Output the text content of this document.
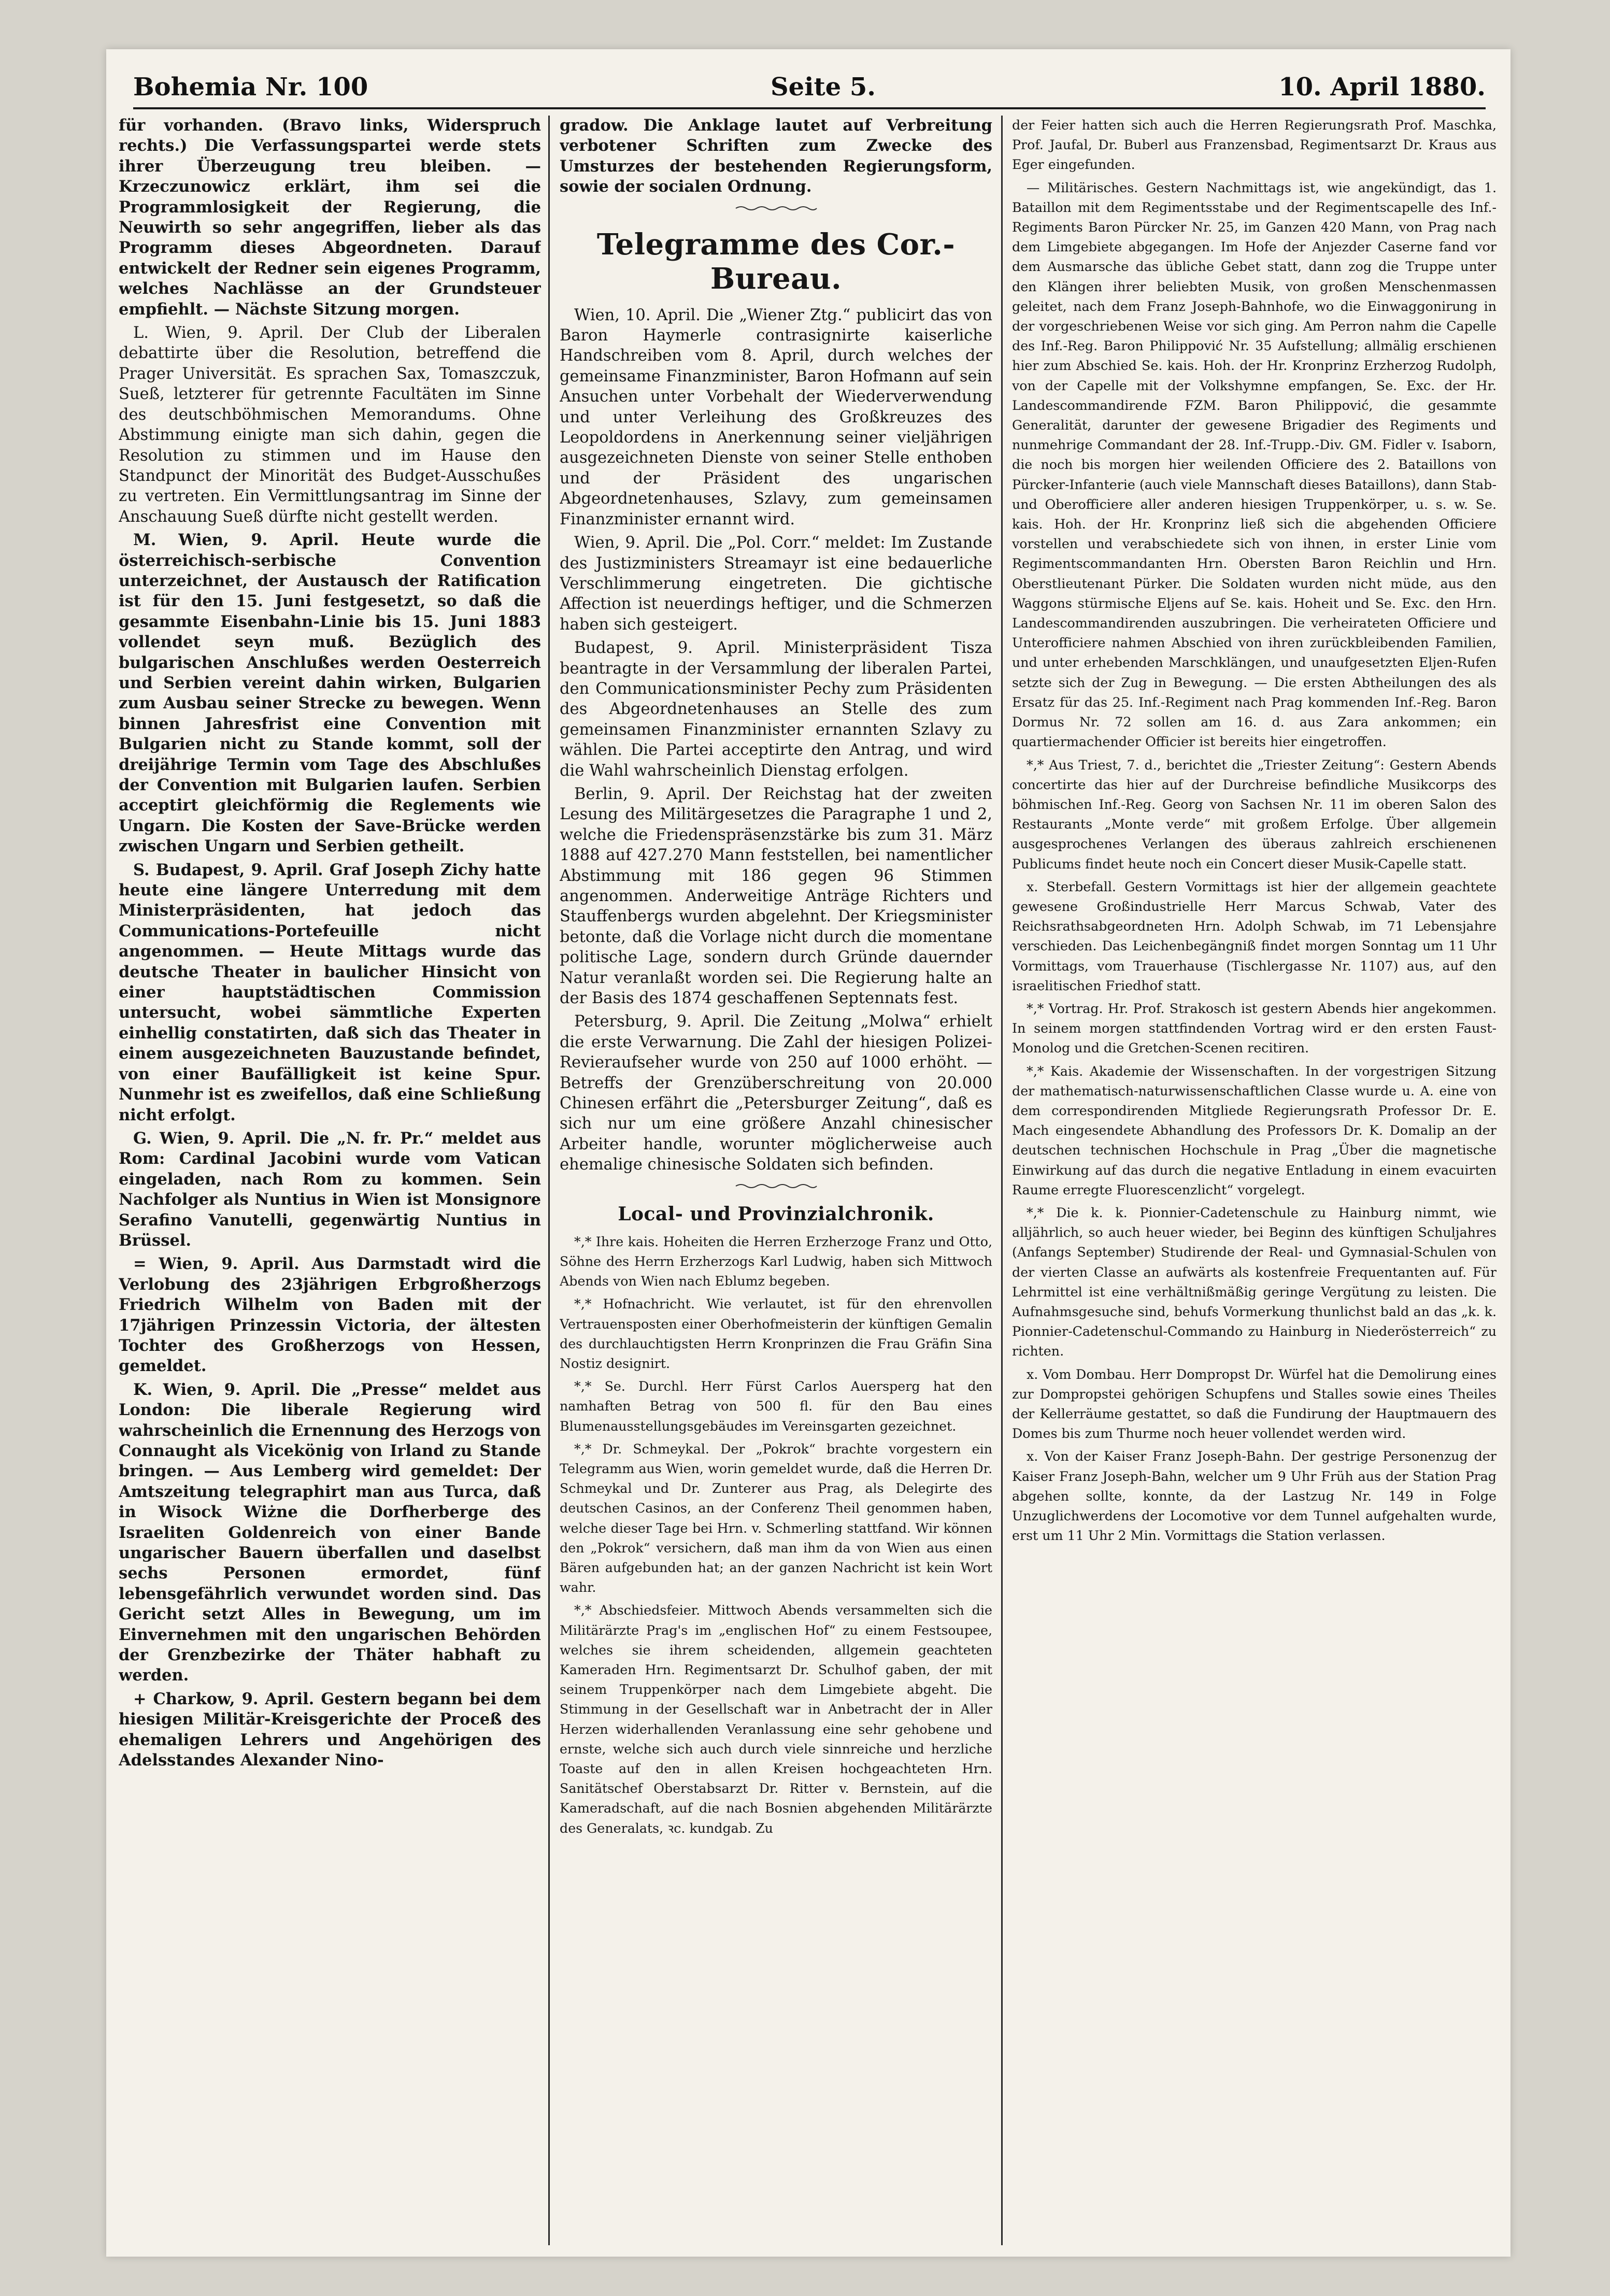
Bohemia Nr. 100	Seite 5.	10. April 1880.

für vorhanden. (Bravo links, Widerspruch rechts.) Die Verfassungspartei werde stets ihrer Überzeugung treu bleiben. — Krzeczunowicz erklärt, ihm sei die Programmlosigkeit der Regierung, die Neuwirth so sehr angegriffen, lieber als das Programm dieses Abgeordneten. Darauf entwickelt der Redner sein eigenes Programm, welches Nachlässe an der Grundsteuer empfiehlt. — Nächste Sitzung morgen.

L. Wien, 9. April. Der Club der Liberalen debattirte über die Resolution, betreffend die Prager Universität. Es sprachen Sax, Tomaszczuk, Sueß, letzterer für getrennte Facultäten im Sinne des deutschböhmischen Memorandums. Ohne Abstimmung einigte man sich dahin, gegen die Resolution zu stimmen und im Hause den Standpunct der Minorität des Budget-Ausschußes zu vertreten. Ein Vermittlungsantrag im Sinne der Anschauung Sueß dürfte nicht gestellt werden.

M. Wien, 9. April. Heute wurde die österreichisch-serbische Convention unterzeichnet, der Austausch der Ratification ist für den 15. Juni festgesetzt, so daß die gesammte Eisenbahn-Linie bis 15. Juni 1883 vollendet seyn muß. Bezüglich des bulgarischen Anschlußes werden Oesterreich und Serbien vereint dahin wirken, Bulgarien zum Ausbau seiner Strecke zu bewegen. Wenn binnen Jahresfrist eine Convention mit Bulgarien nicht zu Stande kommt, soll der dreijährige Termin vom Tage des Abschlußes der Convention mit Bulgarien laufen. Serbien acceptirt gleichförmig die Reglements wie Ungarn. Die Kosten der Save-Brücke werden zwischen Ungarn und Serbien getheilt.

S. Budapest, 9. April. Graf Joseph Zichy hatte heute eine längere Unterredung mit dem Ministerpräsidenten, hat jedoch das Communications-Portefeuille nicht angenommen. — Heute Mittags wurde das deutsche Theater in baulicher Hinsicht von einer hauptstädtischen Commission untersucht, wobei sämmtliche Experten einhellig constatirten, daß sich das Theater in einem ausgezeichneten Bauzustande befindet, von einer Baufälligkeit ist keine Spur. Nunmehr ist es zweifellos, daß eine Schließung nicht erfolgt.

G. Wien, 9. April. Die „N. fr. Pr.“ meldet aus Rom: Cardinal Jacobini wurde vom Vatican eingeladen, nach Rom zu kommen. Sein Nachfolger als Nuntius in Wien ist Monsignore Serafino Vanutelli, gegenwärtig Nuntius in Brüssel.

= Wien, 9. April. Aus Darmstadt wird die Verlobung des 23jährigen Erbgroßherzogs Friedrich Wilhelm von Baden mit der 17jährigen Prinzessin Victoria, der ältesten Tochter des Großherzogs von Hessen, gemeldet.

K. Wien, 9. April. Die „Presse“ meldet aus London: Die liberale Regierung wird wahrscheinlich die Ernennung des Herzogs von Connaught als Vicekönig von Irland zu Stande bringen. — Aus Lemberg wird gemeldet: Der Amtszeitung telegraphirt man aus Turca, daß in Wisock Wiżne die Dorfherberge des Israeliten Goldenreich von einer Bande ungarischer Bauern überfallen und daselbst sechs Personen ermordet, fünf lebensgefährlich verwundet worden sind. Das Gericht setzt Alles in Bewegung, um im Einvernehmen mit den ungarischen Behörden der Grenzbezirke der Thäter habhaft zu werden.

+ Charkow, 9. April. Gestern begann bei dem hiesigen Militär-Kreisgerichte der Proceß des ehemaligen Lehrers und Angehörigen des Adelsstandes Alexander Nino-

gradow. Die Anklage lautet auf Verbreitung verbotener Schriften zum Zwecke des Umsturzes der bestehenden Regierungsform, sowie der socialen Ordnung.

Telegramme des Cor.-Bureau.

Wien, 10. April. Die „Wiener Ztg.“ publicirt das von Baron Haymerle contrasignirte kaiserliche Handschreiben vom 8. April, durch welches der gemeinsame Finanzminister, Baron Hofmann auf sein Ansuchen unter Vorbehalt der Wiederverwendung und unter Verleihung des Großkreuzes des Leopoldordens in Anerkennung seiner vieljährigen ausgezeichneten Dienste von seiner Stelle enthoben und der Präsident des ungarischen Abgeordnetenhauses, Szlavy, zum gemeinsamen Finanzminister ernannt wird.

Wien, 9. April. Die „Pol. Corr.“ meldet: Im Zustande des Justizministers Streamayr ist eine bedauerliche Verschlimmerung eingetreten. Die gichtische Affection ist neuerdings heftiger, und die Schmerzen haben sich gesteigert.

Budapest, 9. April. Ministerpräsident Tisza beantragte in der Versammlung der liberalen Partei, den Communicationsminister Pechy zum Präsidenten des Abgeordnetenhauses an Stelle des zum gemeinsamen Finanzminister ernannten Szlavy zu wählen. Die Partei acceptirte den Antrag, und wird die Wahl wahrscheinlich Dienstag erfolgen.

Berlin, 9. April. Der Reichstag hat der zweiten Lesung des Militärgesetzes die Paragraphe 1 und 2, welche die Friedenspräsenzstärke bis zum 31. März 1888 auf 427.270 Mann feststellen, bei namentlicher Abstimmung mit 186 gegen 96 Stimmen angenommen. Anderweitige Anträge Richters und Stauffenbergs wurden abgelehnt. Der Kriegsminister betonte, daß die Vorlage nicht durch die momentane politische Lage, sondern durch Gründe dauernder Natur veranlaßt worden sei. Die Regierung halte an der Basis des 1874 geschaffenen Septennats fest.

Petersburg, 9. April. Die Zeitung „Molwa“ erhielt die erste Verwarnung. Die Zahl der hiesigen Polizei-Revieraufseher wurde von 250 auf 1000 erhöht. — Betreffs der Grenzüberschreitung von 20.000 Chinesen erfährt die „Petersburger Zeitung“, daß es sich nur um eine größere Anzahl chinesischer Arbeiter handle, worunter möglicherweise auch ehemalige chinesische Soldaten sich befinden.

Local- und Provinzialchronik.

*‚* Ihre kais. Hoheiten die Herren Erzherzoge Franz und Otto, Söhne des Herrn Erzherzogs Karl Ludwig, haben sich Mittwoch Abends von Wien nach Eblumz begeben.

*‚* Hofnachricht. Wie verlautet, ist für den ehrenvollen Vertrauensposten einer Oberhofmeisterin der künftigen Gemalin des durchlauchtigsten Herrn Kronprinzen die Frau Gräfin Sina Nostiz designirt.

*‚* Se. Durchl. Herr Fürst Carlos Auersperg hat den namhaften Betrag von 500 fl. für den Bau eines Blumenausstellungsgebäudes im Vereinsgarten gezeichnet.

*‚* Dr. Schmeykal. Der „Pokrok“ brachte vorgestern ein Telegramm aus Wien, worin gemeldet wurde, daß die Herren Dr. Schmeykal und Dr. Zunterer aus Prag, als Delegirte des deutschen Casinos, an der Conferenz Theil genommen haben, welche dieser Tage bei Hrn. v. Schmerling stattfand. Wir können den „Pokrok“ versichern, daß man ihm da von Wien aus einen Bären aufgebunden hat; an der ganzen Nachricht ist kein Wort wahr.

*‚* Abschiedsfeier. Mittwoch Abends versammelten sich die Militärärzte Prag's im „englischen Hof“ zu einem Festsoupee, welches sie ihrem scheidenden, allgemein geachteten Kameraden Hrn. Regimentsarzt Dr. Schulhof gaben, der mit seinem Truppenkörper nach dem Limgebiete abgeht. Die Stimmung in der Gesellschaft war in Anbetracht der in Aller Herzen widerhallenden Veranlassung eine sehr gehobene und ernste, welche sich auch durch viele sinnreiche und herzliche Toaste auf den in allen Kreisen hochgeachteten Hrn. Sanitätschef Oberstabsarzt Dr. Ritter v. Bernstein, auf die Kameradschaft, auf die nach Bosnien abgehenden Militärärzte des Generalats, ꝛc. kundgab. Zu

der Feier hatten sich auch die Herren Regierungsrath Prof. Maschka, Prof. Jaufal, Dr. Buberl aus Franzensbad, Regimentsarzt Dr. Kraus aus Eger eingefunden.

— Militärisches. Gestern Nachmittags ist, wie angekündigt, das 1. Bataillon mit dem Regimentsstabe und der Regimentscapelle des Inf.-Regiments Baron Pürcker Nr. 25, im Ganzen 420 Mann, von Prag nach dem Limgebiete abgegangen. Im Hofe der Anjezder Caserne fand vor dem Ausmarsche das übliche Gebet statt, dann zog die Truppe unter den Klängen ihrer beliebten Musik, von großen Menschenmassen geleitet, nach dem Franz Joseph-Bahnhofe, wo die Einwaggonirung in der vorgeschriebenen Weise vor sich ging. Am Perron nahm die Capelle des Inf.-Reg. Baron Philippović Nr. 35 Aufstellung; allmälig erschienen hier zum Abschied Se. kais. Hoh. der Hr. Kronprinz Erzherzog Rudolph, von der Capelle mit der Volkshymne empfangen, Se. Exc. der Hr. Landescommandirende FZM. Baron Philippović, die gesammte Generalität, darunter der gewesene Brigadier des Regiments und nunmehrige Commandant der 28. Inf.-Trupp.-Div. GM. Fidler v. Isaborn, die noch bis morgen hier weilenden Officiere des 2. Bataillons von Pürcker-Infanterie (auch viele Mannschaft dieses Bataillons), dann Stab- und Oberofficiere aller anderen hiesigen Truppenkörper, u. s. w. Se. kais. Hoh. der Hr. Kronprinz ließ sich die abgehenden Officiere vorstellen und verabschiedete sich von ihnen, in erster Linie vom Regimentscommandanten Hrn. Obersten Baron Reichlin und Hrn. Oberstlieutenant Pürker. Die Soldaten wurden nicht müde, aus den Waggons stürmische Eljens auf Se. kais. Hoheit und Se. Exc. den Hrn. Landescommandirenden auszubringen. Die verheirateten Officiere und Unterofficiere nahmen Abschied von ihren zurückbleibenden Familien, und unter erhebenden Marschklängen, und unaufgesetzten Eljen-Rufen setzte sich der Zug in Bewegung. — Die ersten Abtheilungen des als Ersatz für das 25. Inf.-Regiment nach Prag kommenden Inf.-Reg. Baron Dormus Nr. 72 sollen am 16. d. aus Zara ankommen; ein quartiermachender Officier ist bereits hier eingetroffen.

*‚* Aus Triest, 7. d., berichtet die „Triester Zeitung“: Gestern Abends concertirte das hier auf der Durchreise befindliche Musikcorps des böhmischen Inf.-Reg. Georg von Sachsen Nr. 11 im oberen Salon des Restaurants „Monte verde“ mit großem Erfolge. Über allgemein ausgesprochenes Verlangen des überaus zahlreich erschienenen Publicums findet heute noch ein Concert dieser Musik-Capelle statt.

x. Sterbefall. Gestern Vormittags ist hier der allgemein geachtete gewesene Großindustrielle Herr Marcus Schwab, Vater des Reichsrathsabgeordneten Hrn. Adolph Schwab, im 71 Lebensjahre verschieden. Das Leichenbegängniß findet morgen Sonntag um 11 Uhr Vormittags, vom Trauerhause (Tischlergasse Nr. 1107) aus, auf den israelitischen Friedhof statt.

*‚* Vortrag. Hr. Prof. Strakosch ist gestern Abends hier angekommen. In seinem morgen stattfindenden Vortrag wird er den ersten Faust-Monolog und die Gretchen-Scenen recitiren.

*‚* Kais. Akademie der Wissenschaften. In der vorgestrigen Sitzung der mathematisch-naturwissenschaftlichen Classe wurde u. A. eine von dem correspondirenden Mitgliede Regierungsrath Professor Dr. E. Mach eingesendete Abhandlung des Professors Dr. K. Domalip an der deutschen technischen Hochschule in Prag „Über die magnetische Einwirkung auf das durch die negative Entladung in einem evacuirten Raume erregte Fluorescenzlicht“ vorgelegt.

*‚* Die k. k. Pionnier-Cadetenschule zu Hainburg nimmt, wie alljährlich, so auch heuer wieder, bei Beginn des künftigen Schuljahres (Anfangs September) Studirende der Real- und Gymnasial-Schulen von der vierten Classe an aufwärts als kostenfreie Frequentanten auf. Für Lehrmittel ist eine verhältnißmäßig geringe Vergütung zu leisten. Die Aufnahmsgesuche sind, behufs Vormerkung thunlichst bald an das „k. k. Pionnier-Cadetenschul-Commando zu Hainburg in Niederösterreich“ zu richten.

x. Vom Dombau. Herr Dompropst Dr. Würfel hat die Demolirung eines zur Dompropstei gehörigen Schupfens und Stalles sowie eines Theiles der Kellerräume gestattet, so daß die Fundirung der Hauptmauern des Domes bis zum Thurme noch heuer vollendet werden wird.

x. Von der Kaiser Franz Joseph-Bahn. Der gestrige Personenzug der Kaiser Franz Joseph-Bahn, welcher um 9 Uhr Früh aus der Station Prag abgehen sollte, konnte, da der Lastzug Nr. 149 in Folge Unzuglichwerdens der Locomotive vor dem Tunnel aufgehalten wurde, erst um 11 Uhr 2 Min. Vormittags die Station verlassen.
